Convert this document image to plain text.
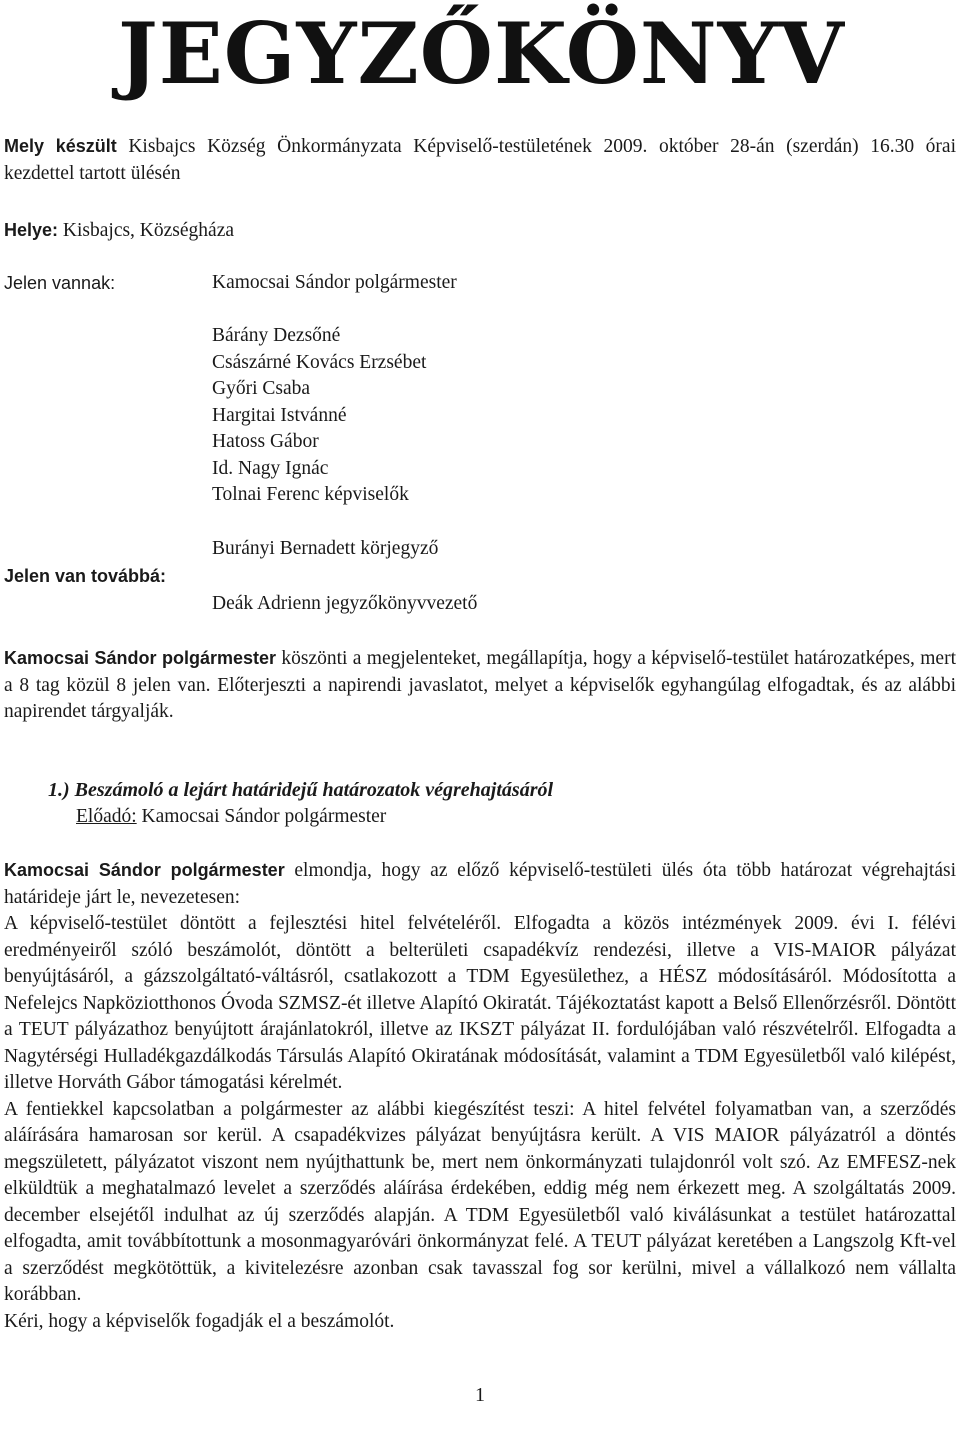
JEGYZŐKÖNYV
Mely készült Kisbajcs Község Önkormányzata Képviselő-testületének 2009. október 28-án (szerdán) 16.30 órai kezdettel tartott ülésén
Helye: Kisbajcs, Községháza
Jelen vannak:	Kamocsai Sándor polgármester
Bárány Dezsőné
Császárné Kovács Erzsébet
Győri Csaba
Hargitai Istvánné
Hatoss Gábor
Id. Nagy Ignác
Tolnai Ferenc képviselők
Burányi Bernadett körjegyző
Jelen van továbbá:
Deák Adrienn jegyzőkönyvvezető
Kamocsai Sándor polgármester köszönti a megjelenteket, megállapítja, hogy a képviselő-testület határozatképes, mert a 8 tag közül 8 jelen van. Előterjeszti a napirendi javaslatot, melyet a képviselők egyhangúlag elfogadtak, és az alábbi napirendet tárgyalják.
1.) Beszámoló a lejárt határidejű határozatok végrehajtásáról
Előadó: Kamocsai Sándor polgármester
Kamocsai Sándor polgármester elmondja, hogy az előző képviselő-testületi ülés óta több határozat végrehajtási határideje járt le, nevezetesen:
A képviselő-testület döntött a fejlesztési hitel felvételéről. Elfogadta a közös intézmények 2009. évi I. félévi eredményeiről szóló beszámolót, döntött a belterületi csapadékvíz rendezési, illetve a VIS-MAIOR pályázat benyújtásáról, a gázszolgáltató-váltásról, csatlakozott a TDM Egyesülethez, a HÉSZ módosításáról. Módosította a Nefelejcs Napköziotthonos Óvoda SZMSZ-ét illetve Alapító Okiratát. Tájékoztatást kapott a Belső Ellenőrzésről. Döntött a TEUT pályázathoz benyújtott árajánlatokról, illetve az IKSZT pályázat II. fordulójában való részvételről. Elfogadta a Nagytérségi Hulladékgazdálkodás Társulás Alapító Okiratának módosítását, valamint a TDM Egyesületből való kilépést, illetve Horváth Gábor támogatási kérelmét.
A fentiekkel kapcsolatban a polgármester az alábbi kiegészítést teszi: A hitel felvétel folyamatban van, a szerződés aláírására hamarosan sor kerül. A csapadékvizes pályázat benyújtásra került. A VIS MAIOR pályázatról a döntés megszületett, pályázatot viszont nem nyújthattunk be, mert nem önkormányzati tulajdonról volt szó. Az EMFESZ-nek elküldtük a meghatalmazó levelet a szerződés aláírása érdekében, eddig még nem érkezett meg. A szolgáltatás 2009. december elsejétől indulhat az új szerződés alapján. A TDM Egyesületből való kiválásunkat a testület határozattal elfogadta, amit továbbítottunk a mosonmagyaróvári önkormányzat felé. A TEUT pályázat keretében a Langszolg Kft-vel a szerződést megkötöttük, a kivitelezésre azonban csak tavasszal fog sor kerülni, mivel a vállalkozó nem vállalta korábban.
Kéri, hogy a képviselők fogadják el a beszámolót.
1
